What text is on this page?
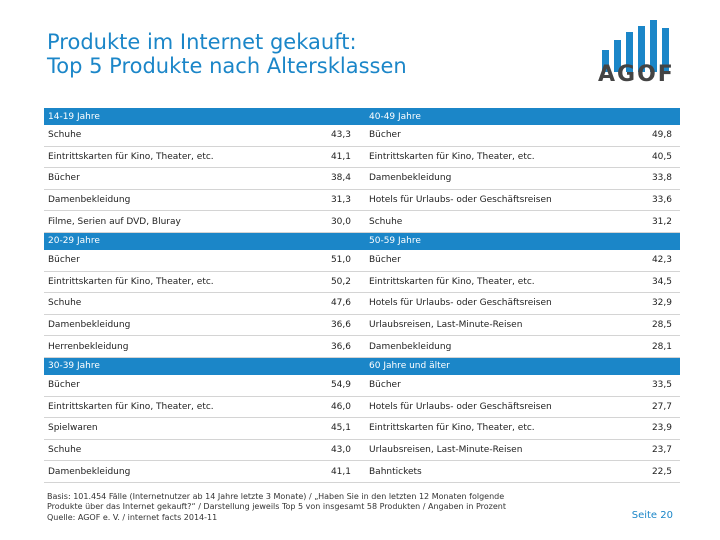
Produkte im Internet gekauft:
Top 5 Produkte nach Altersklassen	AGOF
14-19 Jahre			40-49 Jahre	
Schuhe	43,3		Bücher	49,8
Eintrittskarten für Kino, Theater, etc.	41,1		Eintrittskarten für Kino, Theater, etc.	40,5
Bücher	38,4		Damenbekleidung	33,8
Damenbekleidung	31,3		Hotels für Urlaubs- oder Geschäftsreisen	33,6
Filme, Serien auf DVD, Bluray	30,0		Schuhe	31,2
20-29 Jahre			50-59 Jahre	
Bücher	51,0		Bücher	42,3
Eintrittskarten für Kino, Theater, etc.	50,2		Eintrittskarten für Kino, Theater, etc.	34,5
Schuhe	47,6		Hotels für Urlaubs- oder Geschäftsreisen	32,9
Damenbekleidung	36,6		Urlaubsreisen, Last-Minute-Reisen	28,5
Herrenbekleidung	36,6		Damenbekleidung	28,1
30-39 Jahre			60 Jahre und älter	
Bücher	54,9		Bücher	33,5
Eintrittskarten für Kino, Theater, etc.	46,0		Hotels für Urlaubs- oder Geschäftsreisen	27,7
Spielwaren	45,1		Eintrittskarten für Kino, Theater, etc.	23,9
Schuhe	43,0		Urlaubsreisen, Last-Minute-Reisen	23,7
Damenbekleidung	41,1		Bahntickets	22,5
Basis: 101.454 Fälle (Internetnutzer ab 14 Jahre letzte 3 Monate) / „Haben Sie in den letzten 12 Monaten folgende
Produkte über das Internet gekauft?“ / Darstellung jeweils Top 5 von insgesamt 58 Produkten / Angaben in Prozent
Quelle: AGOF e. V. / internet facts 2014-11	Seite 20
